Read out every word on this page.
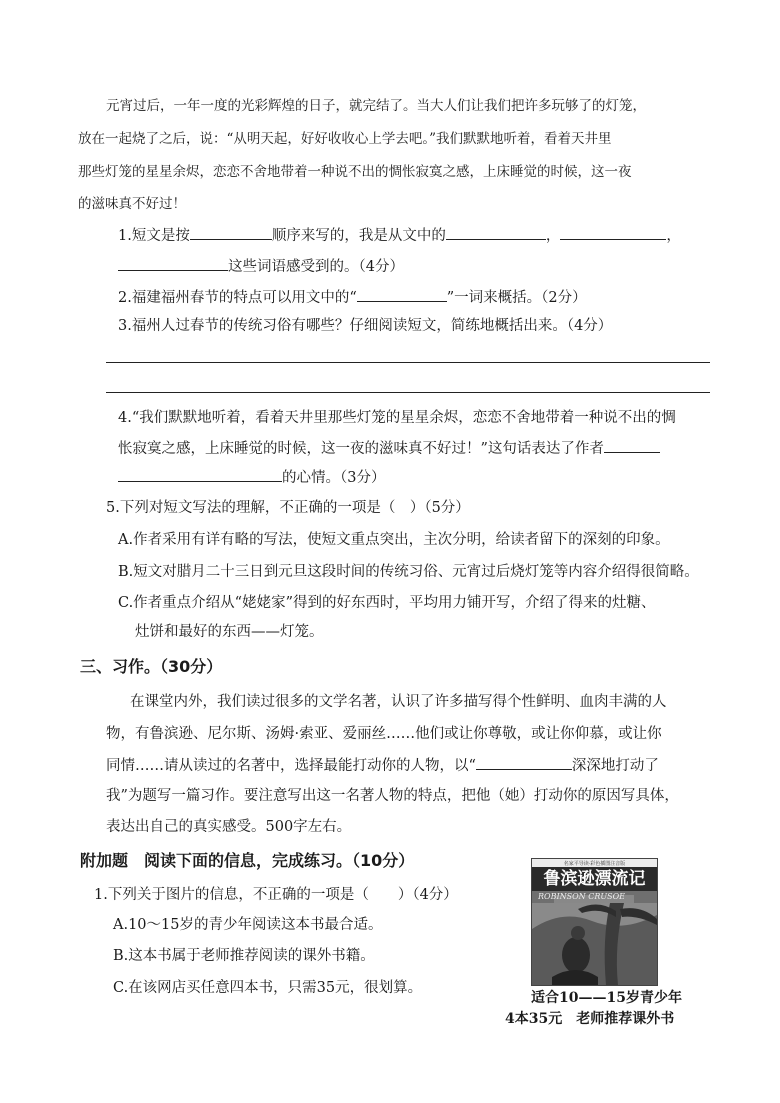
元宵过后，一年一度的光彩辉煌的日子，就完结了。当大人们让我们把许多玩够了的灯笼，
放在一起烧了之后，说：“从明天起，好好收收心上学去吧。”我们默默地听着，看着天井里
那些灯笼的星星余烬，恋恋不舍地带着一种说不出的惆怅寂寞之感，上床睡觉的时候，这一夜
的滋味真不好过！
1.短文是按	顺序来写的，我是从文中的	，	，
这些词语感受到的。（4分）
2.福建福州春节的特点可以用文中的“	”一词来概括。（2分）
3.福州人过春节的传统习俗有哪些？仔细阅读短文，简练地概括出来。（4分）
4.“我们默默地听着，看着天井里那些灯笼的星星余烬，恋恋不舍地带着一种说不出的惆
怅寂寞之感，上床睡觉的时候，这一夜的滋味真不好过！”这句话表达了作者
的心情。（3分）
5.下列对短文写法的理解，不正确的一项是（　）（5分）
A.作者采用有详有略的写法，使短文重点突出，主次分明，给读者留下的深刻的印象。
B.短文对腊月二十三日到元旦这段时间的传统习俗、元宵过后烧灯笼等内容介绍得很简略。
C.作者重点介绍从“姥姥家”得到的好东西时，平均用力铺开写，介绍了得来的灶糖、
灶饼和最好的东西——灯笼。
三、习作。（30分）
在课堂内外，我们读过很多的文学名著，认识了许多描写得个性鲜明、血肉丰满的人
物，有鲁滨逊、尼尔斯、汤姆·索亚、爱丽丝……他们或让你尊敬，或让你仰慕，或让你
同情……请从读过的名著中，选择最能打动你的人物，以“	深深地打动了
我”为题写一篇习作。要注意写出这一名著人物的特点，把他（她）打动你的原因写具体，
表达出自己的真实感受。500字左右。
附加题　阅读下面的信息，完成练习。（10分）
1.下列关于图片的信息，不正确的一项是（　　）（4分）
A.10～15岁的青少年阅读这本书最合适。
B.这本书属于老师推荐阅读的课外书籍。
C.在该网店买任意四本书，只需35元，很划算。
名家平导读·彩色插图注音版
鲁滨逊漂流记
ROBINSON CRUSOE
适合10——15岁青少年
4本35元　老师推荐课外书
